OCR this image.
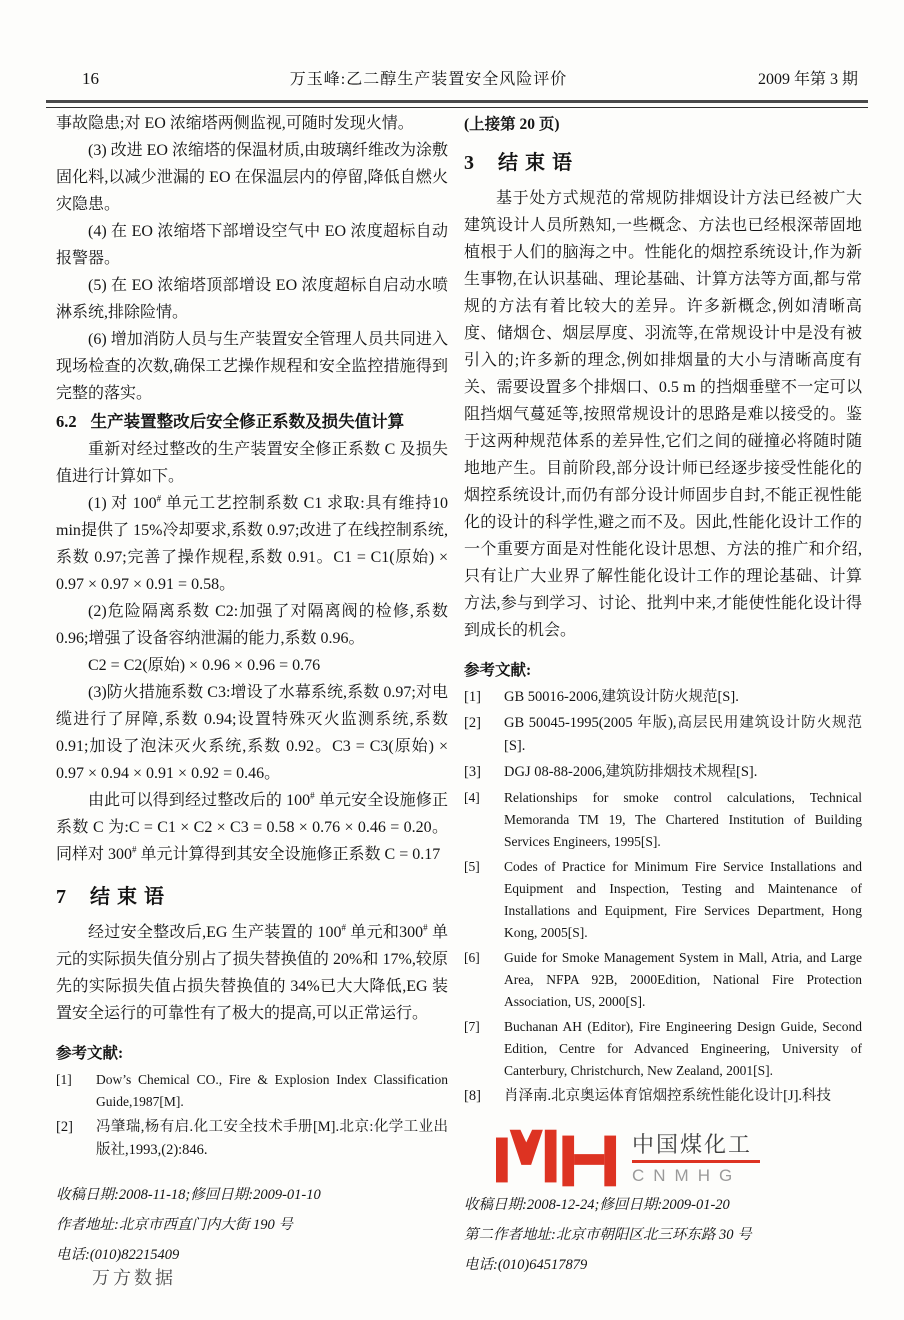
16	万玉峰:乙二醇生产装置安全风险评价	2009 年第 3 期

事故隐患;对 EO 浓缩塔两侧监视,可随时发现火情。

(3) 改进 EO 浓缩塔的保温材质,由玻璃纤维改为涂敷固化料,以减少泄漏的 EO 在保温层内的停留,降低自燃火灾隐患。

(4) 在 EO 浓缩塔下部增设空气中 EO 浓度超标自动报警器。

(5) 在 EO 浓缩塔顶部增设 EO 浓度超标自启动水喷淋系统,排除险情。

(6) 增加消防人员与生产装置安全管理人员共同进入现场检查的次数,确保工艺操作规程和安全监控措施得到完整的落实。

6.2 生产装置整改后安全修正系数及损失值计算

重新对经过整改的生产装置安全修正系数 C 及损失值进行计算如下。

(1) 对 100# 单元工艺控制系数 C1 求取:具有维持10 min提供了 15%冷却要求,系数 0.97;改进了在线控制系统, 系数 0.97;完善了操作规程,系数 0.91。C1 = C1(原始) × 0.97 × 0.97 × 0.91 = 0.58。

(2)危险隔离系数 C2:加强了对隔离阀的检修,系数 0.96;增强了设备容纳泄漏的能力,系数 0.96。

C2 = C2(原始) × 0.96 × 0.96 = 0.76

(3)防火措施系数 C3:增设了水幕系统,系数 0.97;对电缆进行了屏障,系数 0.94;设置特殊灭火监测系统,系数 0.91;加设了泡沫灭火系统,系数 0.92。C3 = C3(原始) × 0.97 × 0.94 × 0.91 × 0.92 = 0.46。

由此可以得到经过整改后的 100# 单元安全设施修正系数 C 为:C = C1 × C2 × C3 = 0.58 × 0.76 × 0.46 = 0.20。同样对 300# 单元计算得到其安全设施修正系数 C = 0.17

7 结束语

经过安全整改后,EG 生产装置的 100# 单元和300# 单元的实际损失值分别占了损失替换值的 20%和 17%,较原先的实际损失值占损失替换值的 34%已大大降低,EG 装置安全运行的可靠性有了极大的提高,可以正常运行。

参考文献:
[1] Dow’s Chemical CO., Fire & Explosion Index Classification Guide,1987[M].
[2] 冯肇瑞,杨有启.化工安全技术手册[M].北京:化学工业出版社,1993,(2):846.
(上接第 20 页)
3 结束语

基于处方式规范的常规防排烟设计方法已经被广大建筑设计人员所熟知,一些概念、方法也已经根深蒂固地植根于人们的脑海之中。性能化的烟控系统设计,作为新生事物,在认识基础、理论基础、计算方法等方面,都与常规的方法有着比较大的差异。许多新概念,例如清晰高度、储烟仓、烟层厚度、羽流等,在常规设计中是没有被引入的;许多新的理念,例如排烟量的大小与清晰高度有关、需要设置多个排烟口、0.5 m 的挡烟垂壁不一定可以阻挡烟气蔓延等,按照常规设计的思路是难以接受的。鉴于这两种规范体系的差异性,它们之间的碰撞必将随时随地地产生。目前阶段,部分设计师已经逐步接受性能化的烟控系统设计,而仍有部分设计师固步自封,不能正视性能化的设计的科学性,避之而不及。因此,性能化设计工作的一个重要方面是对性能化设计思想、方法的推广和介绍,只有让广大业界了解性能化设计工作的理论基础、计算方法,参与到学习、讨论、批判中来,才能使性能化设计得到成长的机会。

参考文献:
[1] GB 50016-2006,建筑设计防火规范[S].
[2] GB 50045-1995(2005 年版),高层民用建筑设计防火规范[S].
[3] DGJ 08-88-2006,建筑防排烟技术规程[S].
[4] Relationships for smoke control calculations, Technical Memoranda TM 19, The Chartered Institution of Building Services Engineers, 1995[S].
[5] Codes of Practice for Minimum Fire Service Installations and Equipment and Inspection, Testing and Maintenance of Installations and Equipment, Fire Services Department, Hong Kong, 2005[S].
[6] Guide for Smoke Management System in Mall, Atria, and Large Area, NFPA 92B, 2000Edition, National Fire Protection Association, US, 2000[S].
[7] Buchanan AH (Editor), Fire Engineering Design Guide, Second Edition, Centre for Advanced Engineering, University of Canterbury, Christchurch, New Zealand, 2001[S].
[8] 肖泽南.北京奥运体育馆烟控系统性能化设计[J].科技
中国煤化工
CNMHG
收稿日期:2008-11-18;修回日期:2009-01-10
作者地址:北京市西直门内大街 190 号
电话:(010)82215409
收稿日期:2008-12-24;修回日期:2009-01-20
第二作者地址:北京市朝阳区北三环东路 30 号
电话:(010)64517879
万方数据
